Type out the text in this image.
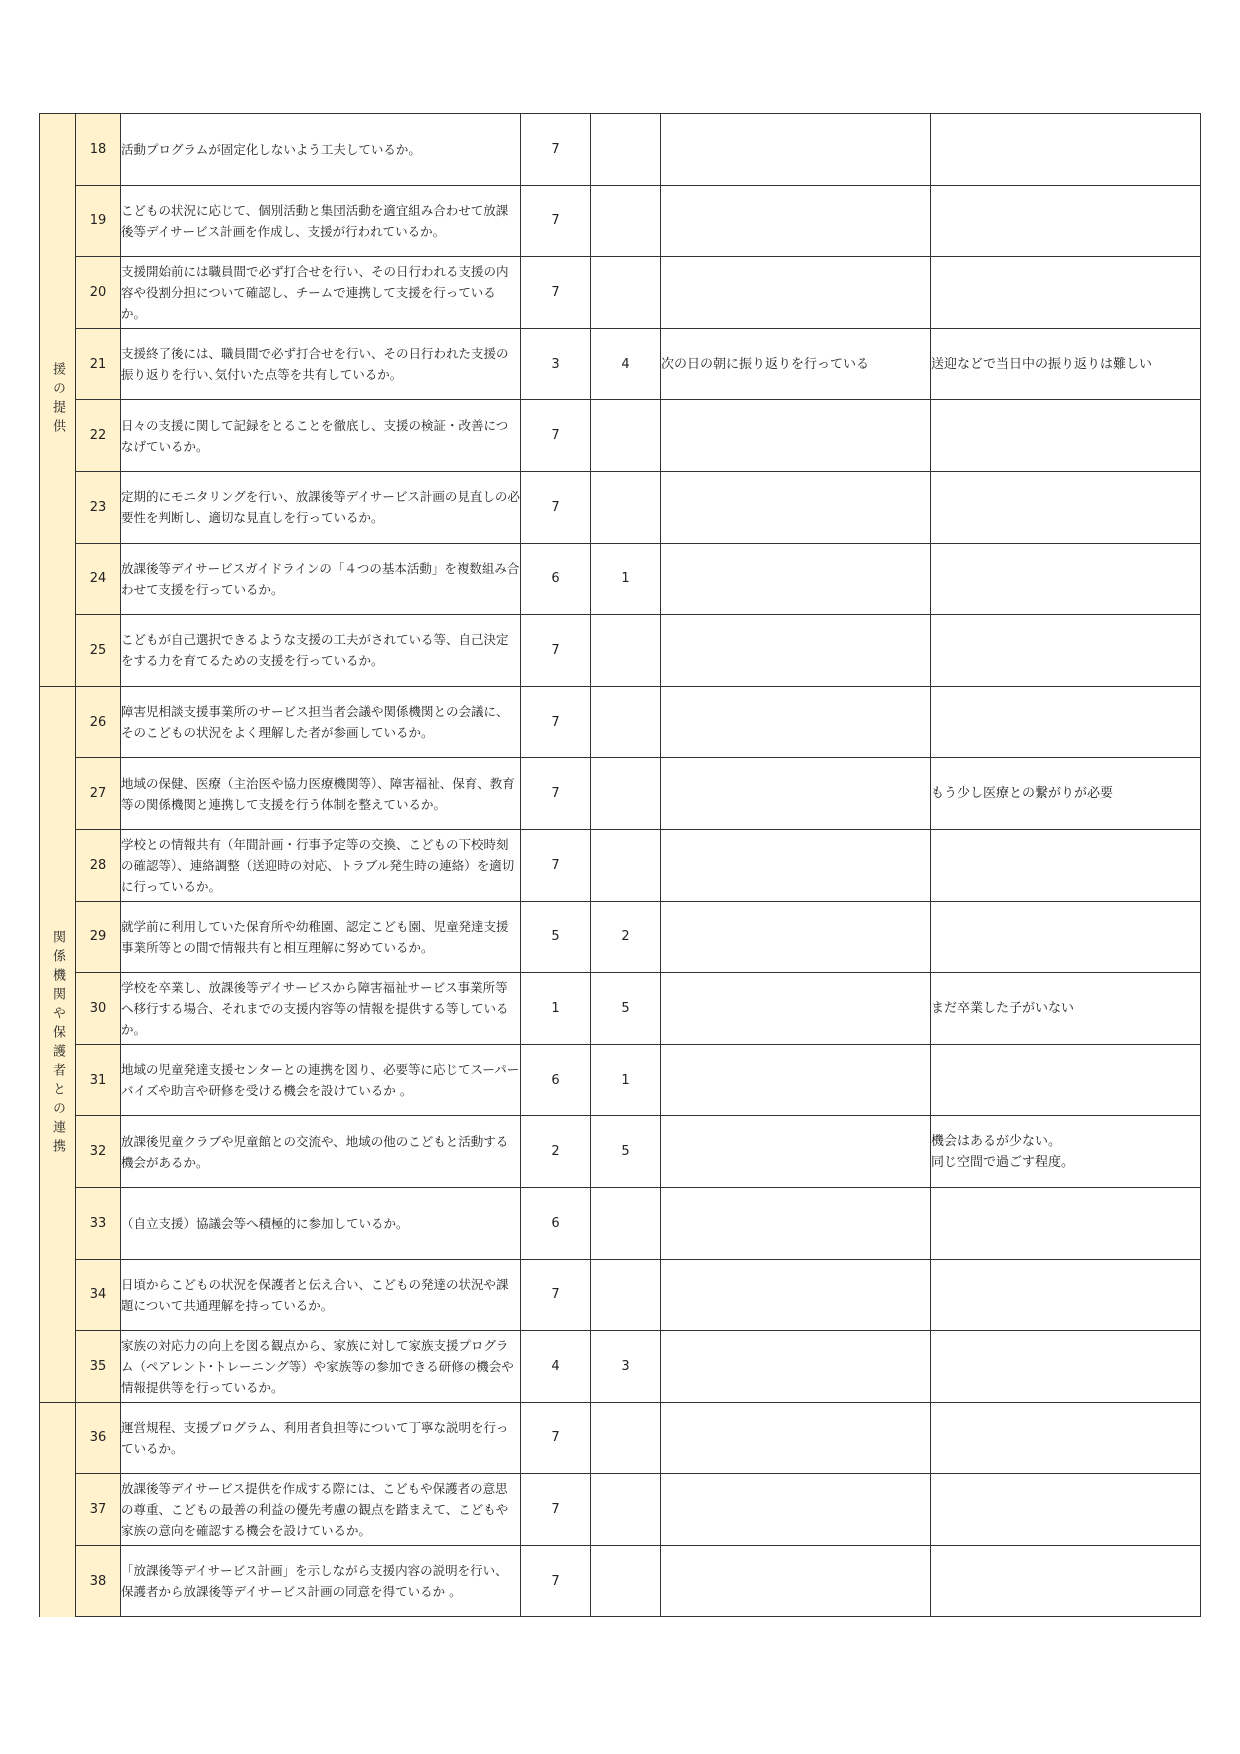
援の提供	18	活動プログラムが固定化しないよう工夫しているか。	7			
	19	こどもの状況に応じて、個別活動と集団活動を適宜組み合わせて放課後等デイサービス計画を作成し、支援が行われているか。	7			
	20	支援開始前には職員間で必ず打合せを行い、その日行われる支援の内容や役割分担について確認し、チームで連携して支援を行っているか。	7			
	21	支援終了後には、職員間で必ず打合せを行い、その日行われた支援の振り返りを行い､気付いた点等を共有しているか。	3	4	次の日の朝に振り返りを行っている	送迎などで当日中の振り返りは難しい
	22	日々の支援に関して記録をとることを徹底し、支援の検証・改善につなげているか。	7			
	23	定期的にモニタリングを行い、放課後等デイサービス計画の見直しの必要性を判断し、適切な見直しを行っているか。	7			
	24	放課後等デイサービスガイドラインの「４つの基本活動」を複数組み合わせて支援を行っているか。	6	1		
	25	こどもが自己選択できるような支援の工夫がされている等、自己決定をする力を育てるための支援を行っているか。	7			

関係機関や保護者との連携	26	障害児相談支援事業所のサービス担当者会議や関係機関との会議に、そのこどもの状況をよく理解した者が参画しているか。	7			
	27	地域の保健、医療（主治医や協力医療機関等）、障害福祉、保育、教育等の関係機関と連携して支援を行う体制を整えているか。	7			もう少し医療との繋がりが必要
	28	学校との情報共有（年間計画・行事予定等の交換、こどもの下校時刻の確認等）、連絡調整（送迎時の対応、トラブル発生時の連絡）を適切に行っているか。	7			
	29	就学前に利用していた保育所や幼稚園、認定こども園、児童発達支援事業所等との間で情報共有と相互理解に努めているか。	5	2		
	30	学校を卒業し、放課後等デイサービスから障害福祉サービス事業所等へ移行する場合、それまでの支援内容等の情報を提供する等しているか。	1	5		まだ卒業した子がいない
	31	地域の児童発達支援センターとの連携を図り、必要等に応じてスーパーバイズや助言や研修を受ける機会を設けているか 。	6	1		
	32	放課後児童クラブや児童館との交流や、地域の他のこどもと活動する機会があるか。	2	5		機会はあるが少ない。
同じ空間で過ごす程度。
	33	（自立支援）協議会等へ積極的に参加しているか。	6			
	34	日頃からこどもの状況を保護者と伝え合い、こどもの発達の状況や課題について共通理解を持っているか。	7			
	35	家族の対応力の向上を図る観点から、家族に対して家族支援プログラム（ペアレント･トレーニング等）や家族等の参加できる研修の機会や情報提供等を行っているか。	4	3		
	36	運営規程、支援プログラム、利用者負担等について丁寧な説明を行っているか。	7			
	37	放課後等デイサービス提供を作成する際には、こどもや保護者の意思の尊重、こどもの最善の利益の優先考慮の観点を踏まえて、こどもや家族の意向を確認する機会を設けているか。	7			
	38	「放課後等デイサービス計画」を示しながら支援内容の説明を行い、保護者から放課後等デイサービス計画の同意を得ているか 。	7			
